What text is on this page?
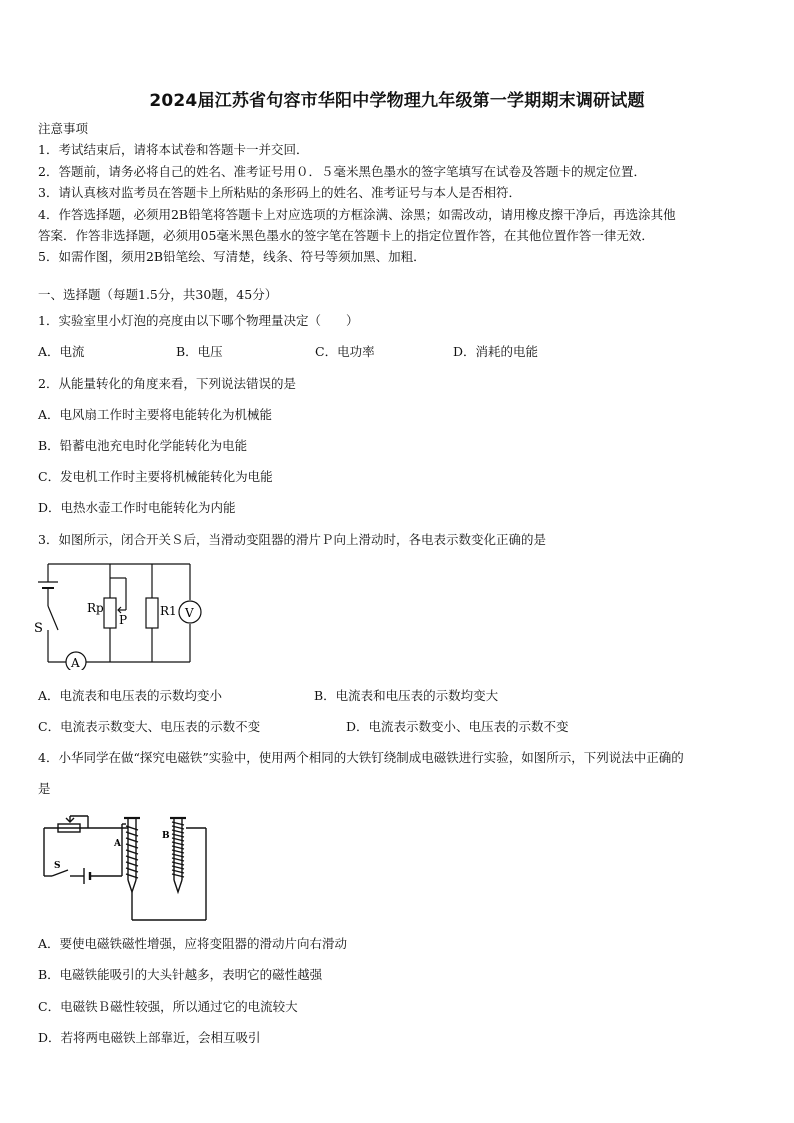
2024届江苏省句容市华阳中学物理九年级第一学期期末调研试题
注意事项
1．考试结束后，请将本试卷和答题卡一并交回．
2．答题前，请务必将自己的姓名、准考证号用０．５毫米黑色墨水的签字笔填写在试卷及答题卡的规定位置．
3．请认真核对监考员在答题卡上所粘贴的条形码上的姓名、准考证号与本人是否相符．
4．作答选择题，必须用2B铅笔将答题卡上对应选项的方框涂满、涂黑；如需改动，请用橡皮擦干净后，再选涂其他
答案．作答非选择题，必须用05毫米黑色墨水的签字笔在答题卡上的指定位置作答，在其他位置作答一律无效．
5．如需作图，须用2B铅笔绘、写清楚，线条、符号等须加黑、加粗．
一、选择题（每题1.5分，共30题，45分）
1．实验室里小灯泡的亮度由以下哪个物理量决定（　　）
A．电流	B．电压	C．电功率	D．消耗的电能
2．从能量转化的角度来看，下列说法错误的是
A．电风扇工作时主要将电能转化为机械能
B．铅蓄电池充电时化学能转化为电能
C．发电机工作时主要将机械能转化为电能
D．电热水壶工作时电能转化为内能
3．如图所示，闭合开关Ｓ后，当滑动变阻器的滑片Ｐ向上滑动时，各电表示数变化正确的是
S
Rp
P
R1 V
A
A．电流表和电压表的示数均变小	B．电流表和电压表的示数均变大
C．电流表示数变大、电压表的示数不变	D．电流表示数变小、电压表的示数不变
4．小华同学在做“探究电磁铁”实验中，使用两个相同的大铁钉绕制成电磁铁进行实验，如图所示，下列说法中正确的
是
A
B
S
A．要使电磁铁磁性增强，应将变阻器的滑动片向右滑动
B．电磁铁能吸引的大头针越多，表明它的磁性越强
C．电磁铁Ｂ磁性较强，所以通过它的电流较大
D．若将两电磁铁上部靠近，会相互吸引
